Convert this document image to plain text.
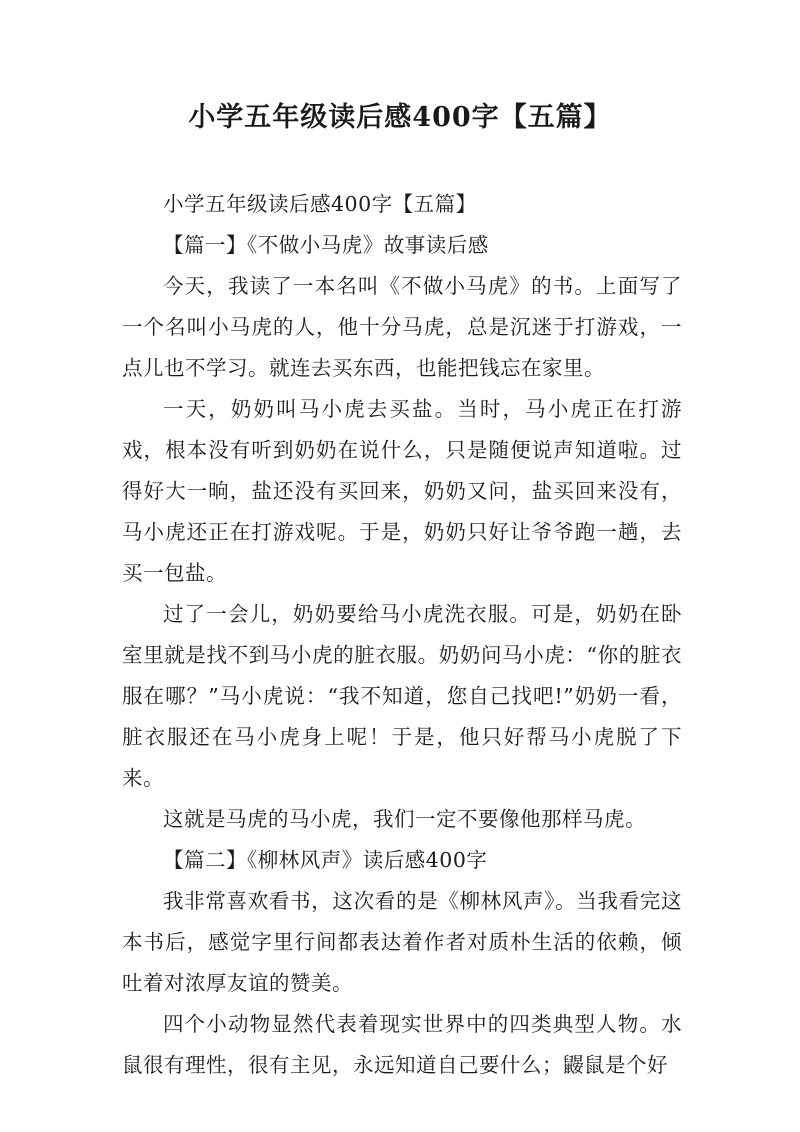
小学五年级读后感400字【五篇】

小学五年级读后感400字【五篇】

【篇一】《不做小马虎》故事读后感

今天，我读了一本名叫《不做小马虎》的书。上面写了一个名叫小马虎的人，他十分马虎，总是沉迷于打游戏，一点儿也不学习。就连去买东西，也能把钱忘在家里。

一天，奶奶叫马小虎去买盐。当时，马小虎正在打游戏，根本没有听到奶奶在说什么，只是随便说声知道啦。过得好大一晌，盐还没有买回来，奶奶又问，盐买回来没有，马小虎还正在打游戏呢。于是，奶奶只好让爷爷跑一趟，去买一包盐。

过了一会儿，奶奶要给马小虎洗衣服。可是，奶奶在卧室里就是找不到马小虎的脏衣服。奶奶问马小虎：“你的脏衣服在哪？”马小虎说：“我不知道，您自己找吧!”奶奶一看，脏衣服还在马小虎身上呢！于是，他只好帮马小虎脱了下来。

这就是马虎的马小虎，我们一定不要像他那样马虎。

【篇二】《柳林风声》读后感400字

我非常喜欢看书，这次看的是《柳林风声》。当我看完这本书后，感觉字里行间都表达着作者对质朴生活的依赖，倾吐着对浓厚友谊的赞美。

四个小动物显然代表着现实世界中的四类典型人物。水鼠很有理性，很有主见，永远知道自己要什么；鼹鼠是个好
